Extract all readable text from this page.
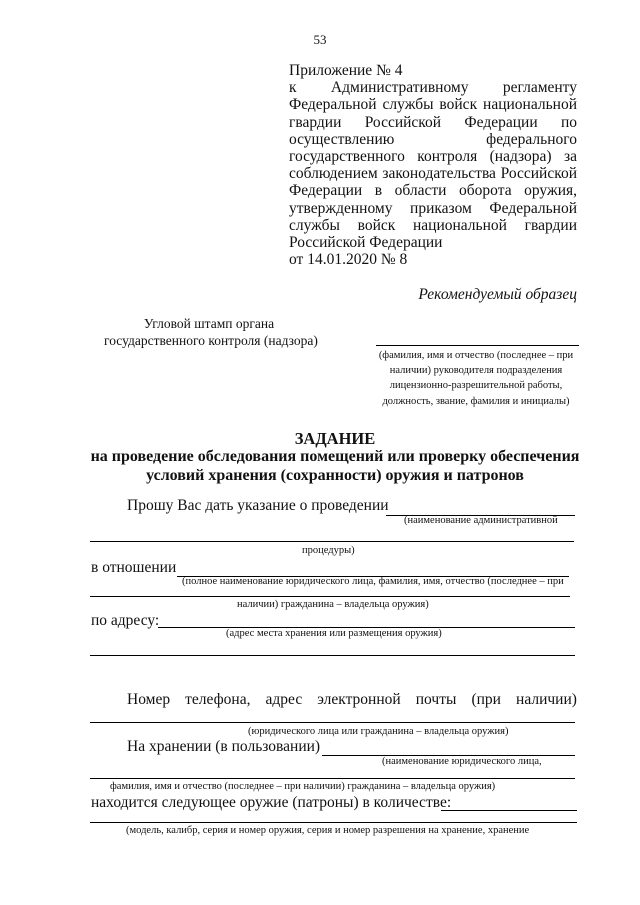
53
Приложение № 4
к Административному регламенту
Федеральной службы войск национальной
гвардии Российской Федерации по
осуществлению федерального
государственного контроля (надзора) за
соблюдением законодательства Российской
Федерации в области оборота оружия,
утвержденному приказом Федеральной
службы войск национальной гвардии
Российской Федерации
от 14.01.2020 № 8
Рекомендуемый образец
Угловой штамп органа
государственного контроля (надзора)
(фамилия, имя и отчество (последнее – при наличии) руководителя подразделения лицензионно-разрешительной работы, должность, звание, фамилия и инициалы)
ЗАДАНИЕ
на проведение обследования помещений или проверку обеспечения
условий хранения (сохранности) оружия и патронов
Прошу Вас дать указание о проведении
(наименование административной
процедуры)
в отношении
(полное наименование юридического лица, фамилия, имя, отчество (последнее – при
наличии) гражданина – владельца оружия)
по адресу:
(адрес места хранения или размещения оружия)
Номер телефона, адрес электронной почты (при наличии)
(юридического лица или гражданина – владельца оружия)
На хранении (в пользовании)
(наименование юридического лица,
фамилия, имя и отчество (последнее – при наличии) гражданина – владельца оружия)
находится следующее оружие (патроны) в количестве:
(модель, калибр, серия и номер оружия, серия и номер разрешения на хранение, хранение
